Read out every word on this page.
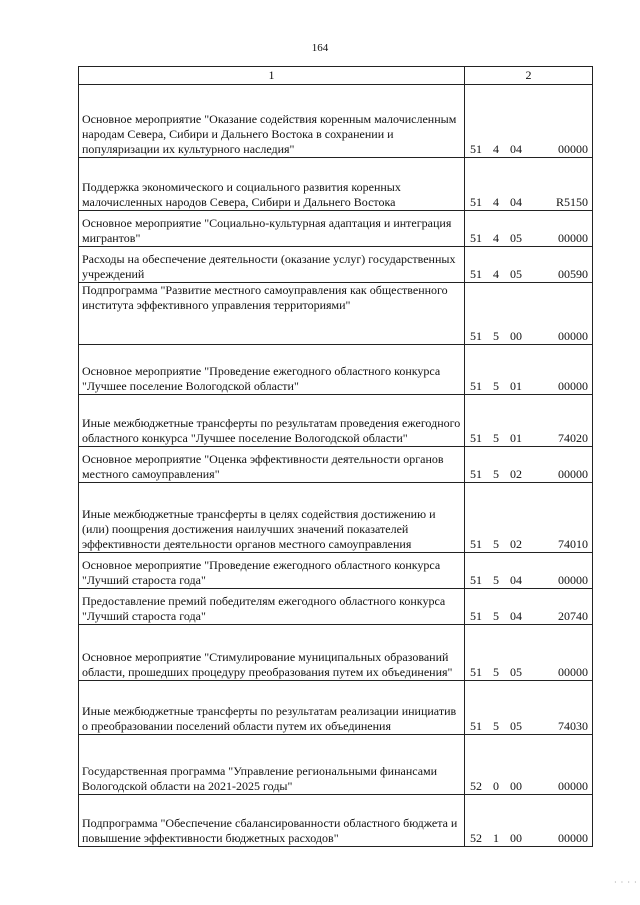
164
1	2
Основное мероприятие "Оказание содействия коренным малочисленным народам Севера, Сибири и Дальнего Востока в сохранении и популяризации их культурного наследия"	51 4 04 00000

Поддержка экономического и социального развития коренных малочисленных народов Севера, Сибири и Дальнего Востока	51 4 04 R5150

Основное мероприятие "Социально-культурная адаптация и интеграция мигрантов"	51 4 05 00000

Расходы на обеспечение деятельности (оказание услуг) государственных учреждений	51 4 05 00590

Подпрограмма "Развитие местного самоуправления как общественного института эффективного управления территориями"	51 5 00 00000

Основное мероприятие "Проведение ежегодного областного конкурса "Лучшее поселение Вологодской области"	51 5 01 00000

Иные межбюджетные трансферты по результатам проведения ежегодного областного конкурса "Лучшее поселение Вологодской области"	51 5 01 74020

Основное мероприятие "Оценка эффективности деятельности органов местного самоуправления"	51 5 02 00000

Иные межбюджетные трансферты в целях содействия достижению и (или) поощрения достижения наилучших значений показателей эффективности деятельности органов местного самоуправления	51 5 02 74010

Основное мероприятие "Проведение ежегодного областного конкурса "Лучший староста года"	51 5 04 00000

Предоставление премий победителям ежегодного областного конкурса "Лучший староста года"	51 5 04 20740

Основное мероприятие "Стимулирование муниципальных образований области, прошедших процедуру преобразования путем их объединения"	51 5 05 00000

Иные межбюджетные трансферты по результатам реализации инициатив о преобразовании поселений области путем их объединения	51 5 05 74030

Государственная программа "Управление региональными финансами Вологодской области на 2021-2025 годы"	52 0 00 00000

Подпрограмма "Обеспечение сбалансированности областного бюджета и повышение эффективности бюджетных расходов"	52 1 00 00000
· · · ·
